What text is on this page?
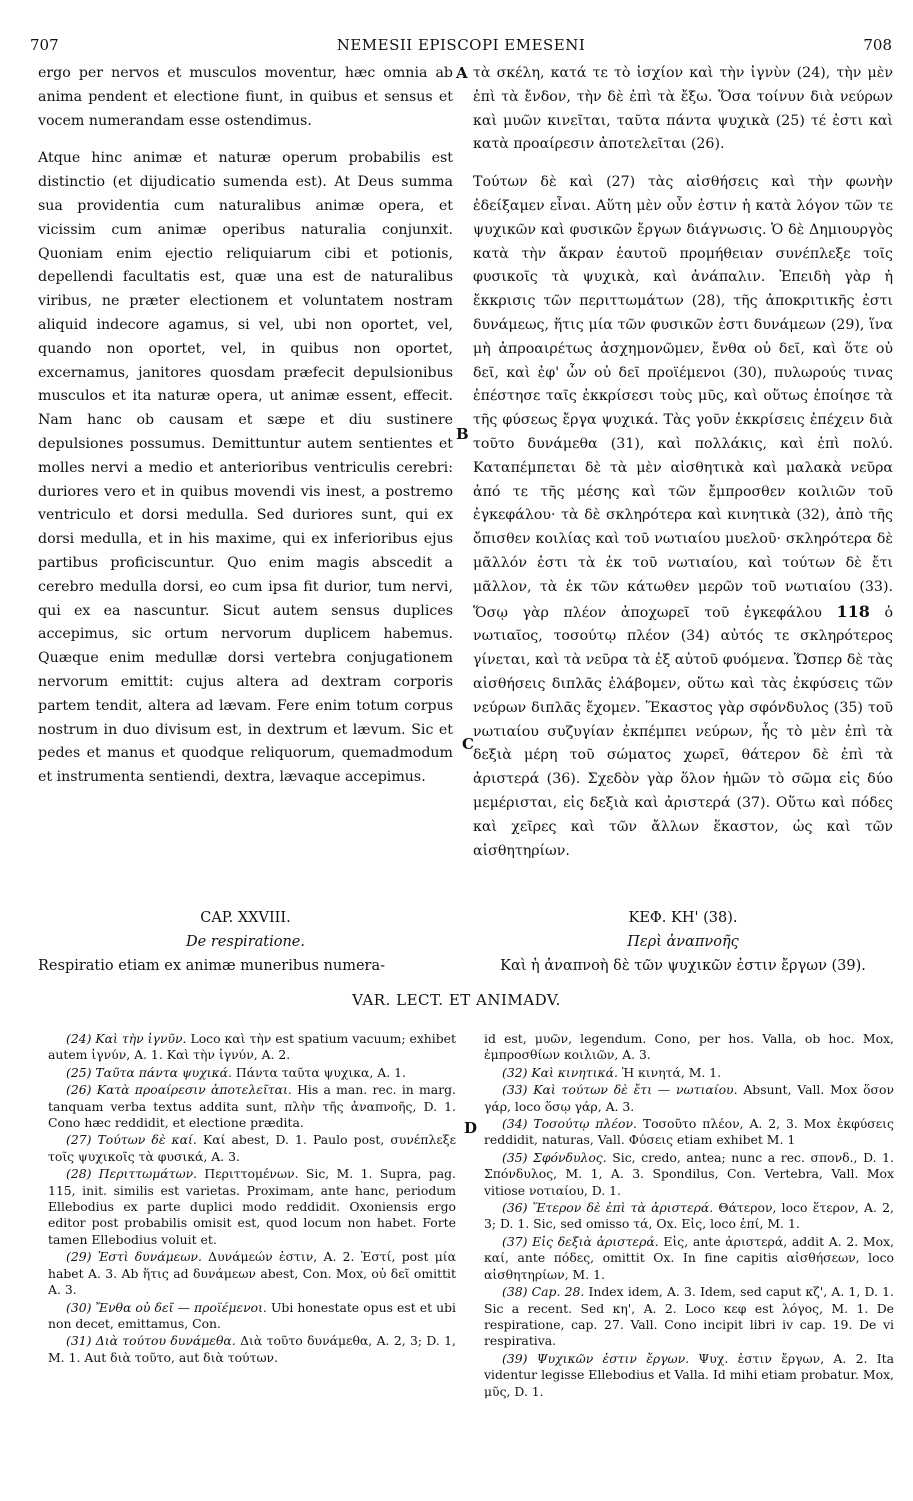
707	NEMESII EPISCOPI EMESENI	708

ergo per nervos et musculos moventur, hæc omnia ab anima pendent et electione fiunt, in quibus et sensus et vocem numerandam esse ostendimus.

Atque hinc animæ et naturæ operum probabilis est distinctio (et dijudicatio sumenda est). At Deus summa sua providentia cum naturalibus animæ opera, et vicissim cum animæ operibus naturalia conjunxit. Quoniam enim ejectio reliquiarum cibi et potionis, depellendi facultatis est, quæ una est de naturalibus viribus, ne præter electionem et voluntatem nostram aliquid indecore agamus, si vel, ubi non oportet, vel, quando non oportet, vel, in quibus non oportet, excernamus, janitores quosdam præfecit depulsionibus musculos et ita naturæ opera, ut animæ essent, effecit. Nam hanc ob causam et sæpe et diu sustinere depulsiones possumus. Demittuntur autem sentientes et molles nervi a medio et anterioribus ventriculis cerebri: duriores vero et in quibus movendi vis inest, a postremo ventriculo et dorsi medulla. Sed duriores sunt, qui ex dorsi medulla, et in his maxime, qui ex inferioribus ejus partibus proficiscuntur. Quo enim magis abscedit a cerebro medulla dorsi, eo cum ipsa fit durior, tum nervi, qui ex ea nascuntur. Sicut autem sensus duplices accepimus, sic ortum nervorum duplicem habemus. Quæque enim medullæ dorsi vertebra conjugationem nervorum emittit: cujus altera ad dextram corporis partem tendit, altera ad lævam. Fere enim totum corpus nostrum in duo divisum est, in dextrum et lævum. Sic et pedes et manus et quodque reliquorum, quemadmodum et instrumenta sentiendi, dextra, lævaque accepimus.

A
B
C
D

τὰ σκέλη, κατά τε τὸ ἰσχίον καὶ τὴν ἰγνὺν (24), τὴν μὲν ἐπὶ τὰ ἔνδον, τὴν δὲ ἐπὶ τὰ ἔξω. Ὅσα τοίνυν διὰ νεύρων καὶ μυῶν κινεῖται, ταῦτα πάντα ψυχικὰ (25) τέ ἐστι καὶ κατὰ προαίρεσιν ἀποτελεῖται (26).

Τούτων δὲ καὶ (27) τὰς αἰσθήσεις καὶ τὴν φωνὴν ἐδείξαμεν εἶναι. Αὕτη μὲν οὖν ἐστιν ἡ κατὰ λόγον τῶν τε ψυχικῶν καὶ φυσικῶν ἔργων διάγνωσις. Ὁ δὲ Δημιουργὸς κατὰ τὴν ἄκραν ἑαυτοῦ προμήθειαν συνέπλεξε τοῖς φυσικοῖς τὰ ψυχικὰ, καὶ ἀνάπαλιν. Ἐπειδὴ γὰρ ἡ ἔκκρισις τῶν περιττωμάτων (28), τῆς ἀποκριτικῆς ἐστι δυνάμεως, ἥτις μία τῶν φυσικῶν ἐστι δυνάμεων (29), ἵνα μὴ ἀπροαιρέτως ἀσχημονῶμεν, ἔνθα οὐ δεῖ, καὶ ὅτε οὐ δεῖ, καὶ ἐφ' ὧν οὐ δεῖ προϊέμενοι (30), πυλωρούς τινας ἐπέστησε ταῖς ἐκκρίσεσι τοὺς μῦς, καὶ οὕτως ἐποίησε τὰ τῆς φύσεως ἔργα ψυχικά. Τὰς γοῦν ἐκκρίσεις ἐπέχειν διὰ τοῦτο δυνάμεθα (31), καὶ πολλάκις, καὶ ἐπὶ πολύ. Καταπέμπεται δὲ τὰ μὲν αἰσθητικὰ καὶ μαλακὰ νεῦρα ἀπό τε τῆς μέσης καὶ τῶν ἔμπροσθεν κοιλιῶν τοῦ ἐγκεφάλου· τὰ δὲ σκληρότερα καὶ κινητικὰ (32), ἀπὸ τῆς ὄπισθεν κοιλίας καὶ τοῦ νωτιαίου μυελοῦ· σκληρότερα δὲ μᾶλλόν ἐστι τὰ ἐκ τοῦ νωτιαίου, καὶ τούτων δὲ ἔτι μᾶλλον, τὰ ἐκ τῶν κάτωθεν μερῶν τοῦ νωτιαίου (33). Ὅσῳ γὰρ πλέον ἀποχωρεῖ τοῦ ἐγκεφάλου 118 ὁ νωτιαῖος, τοσούτῳ πλέον (34) αὐτός τε σκληρότερος γίνεται, καὶ τὰ νεῦρα τὰ ἐξ αὐτοῦ φυόμενα. Ὥσπερ δὲ τὰς αἰσθήσεις διπλᾶς ἐλάβομεν, οὕτω καὶ τὰς ἐκφύσεις τῶν νεύρων διπλᾶς ἔχομεν. Ἕκαστος γὰρ σφόνδυλος (35) τοῦ νωτιαίου συζυγίαν ἐκπέμπει νεύρων, ἧς τὸ μὲν ἐπὶ τὰ δεξιὰ μέρη τοῦ σώματος χωρεῖ, θάτερον δὲ ἐπὶ τὰ ἀριστερά (36). Σχεδὸν γὰρ ὅλον ἡμῶν τὸ σῶμα εἰς δύο μεμέρισται, εἰς δεξιὰ καὶ ἀριστερά (37). Οὕτω καὶ πόδες καὶ χεῖρες καὶ τῶν ἄλλων ἕκαστον, ὡς καὶ τῶν αἰσθητηρίων.

CAP. XXVIII.
De respiratione.
Respiratio etiam ex animæ muneribus numera-
ΚΕΦ. ΚΗ' (38).
Περὶ ἀναπνοῆς
Καὶ ἡ ἀναπνοὴ δὲ τῶν ψυχικῶν ἐστιν ἔργων (39).
VAR. LECT. ET ANIMADV.

(24) Καὶ τὴν ἰγνῦν. Loco καὶ τὴν est spatium vacuum; exhibet autem ἰγνύν, A. 1. Καὶ τὴν ἰγνύν, A. 2.

(25) Ταῦτα πάντα ψυχικά. Πάντα ταῦτα ψυχικα, A. 1.

(26) Κατὰ προαίρεσιν ἀποτελεῖται. His a man. rec. in marg. tanquam verba textus addita sunt, πλὴν τῆς ἀναπνοῆς, D. 1. Cono hæc reddidit, et electione prædita.

(27) Τούτων δὲ καί. Καί abest, D. 1. Paulo post, συνέπλεξε τοῖς ψυχικοῖς τὰ φυσικά, A. 3.

(28) Περιττωμάτων. Περιττομένων. Sic, M. 1. Supra, pag. 115, init. similis est varietas. Proximam, ante hanc, periodum Ellebodius ex parte duplici modo reddidit. Oxoniensis ergo editor post probabilis omisit est, quod locum non habet. Forte tamen Ellebodius voluit et.

(29) Ἐστὶ δυνάμεων. Δυνάμεών ἐστιν, A. 2. Ἐστί, post μία habet A. 3. Ab ἥτις ad δυνάμεων abest, Con. Mox, οὐ δεῖ omittit A. 3.

(30) Ἔνθα οὐ δεῖ — προϊέμενοι. Ubi honestate opus est et ubi non decet, emittamus, Con.

(31) Διὰ τούτου δυνάμεθα. Διὰ τοῦτο δυνάμεθα, A. 2, 3; D. 1, M. 1. Aut διὰ τοῦτο, aut διὰ τούτων.

id est, μυῶν, legendum. Cono, per hos. Valla, ob hoc. Mox, ἐμπροσθίων κοιλιῶν, A. 3.

(32) Καὶ κινητικά. Ἡ κινητά, M. 1.

(33) Καὶ τούτων δὲ ἔτι — νωτιαίου. Absunt, Vall. Mox ὅσον γάρ, loco ὅσῳ γάρ, A. 3.

(34) Τοσούτῳ πλέον. Τοσοῦτο πλέον, A. 2, 3. Mox ἐκφύσεις reddidit, naturas, Vall. Φύσεις etiam exhibet M. 1

(35) Σφόνδυλος. Sic, credo, antea; nunc a rec. σπονδ., D. 1. Σπόνδυλος, M. 1, A. 3. Spondilus, Con. Vertebra, Vall. Mox vitiose νοτιαίου, D. 1.

(36) Ἕτερον δὲ ἐπὶ τὰ ἀριστερά. Θάτερον, loco ἕτερον, A. 2, 3; D. 1. Sic, sed omisso τά, Ox. Εἰς, loco ἐπί, M. 1.

(37) Εἰς δεξιὰ ἀριστερά. Εἰς, ante ἀριστερά, addit A. 2. Mox, καί, ante πόδες, omittit Ox. In fine capitis αἰσθήσεων, loco αἰσθητηρίων, M. 1.

(38) Cap. 28. Index idem, A. 3. Idem, sed caput κζ', A. 1, D. 1. Sic a recent. Sed κη', A. 2. Loco κεφ est λόγος, M. 1. De respiratione, cap. 27. Vall. Cono incipit libri iv cap. 19. De vi respirativa.

(39) Ψυχικῶν ἐστιν ἔργων. Ψυχ. ἐστιν ἔργων, A. 2. Ita videntur legisse Ellebodius et Valla. Id mihi etiam probatur. Mox, μῦς, D. 1.
